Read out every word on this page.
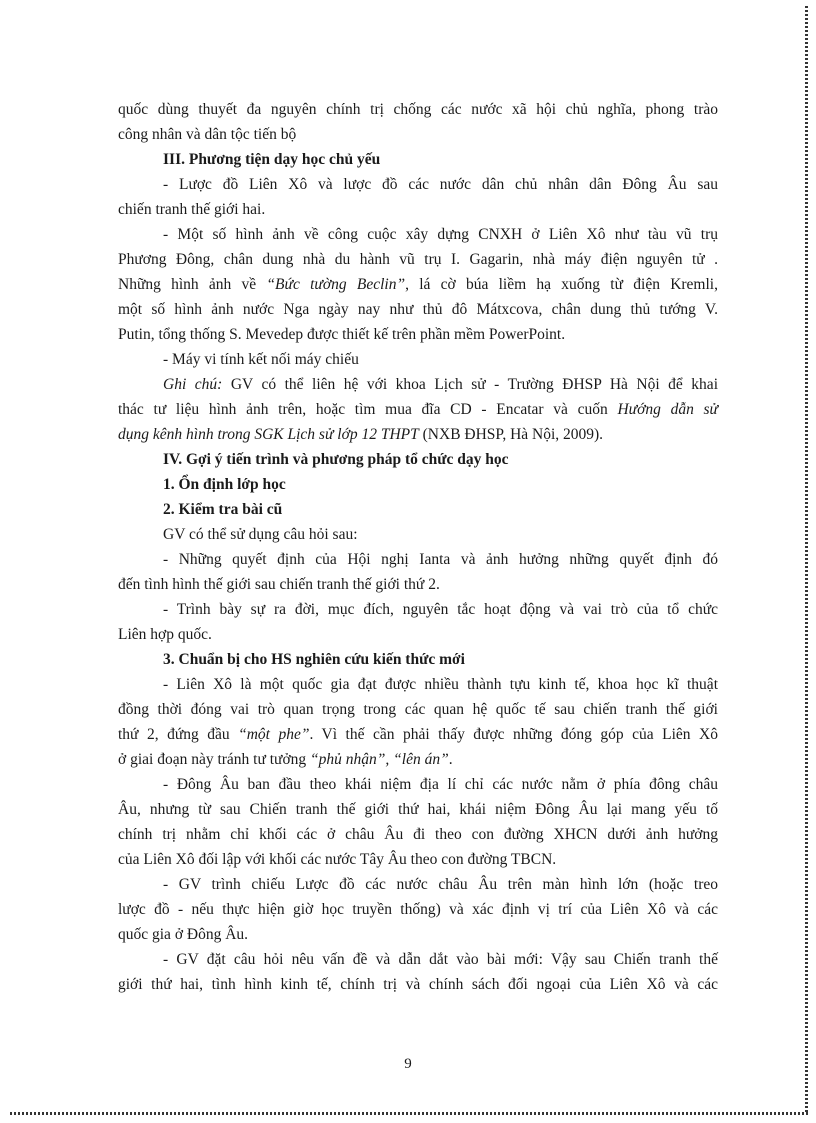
quốc dùng thuyết đa nguyên chính trị chống các nước xã hội chủ nghĩa, phong trào
công nhân và dân tộc tiến bộ
III. Phương tiện dạy học chủ yếu
- Lược đồ Liên Xô và lược đồ các nước dân chủ nhân dân Đông Âu sau
chiến tranh thế giới hai.
- Một số hình ảnh về công cuộc xây dựng CNXH ở Liên Xô như tàu vũ trụ
Phương Đông, chân dung nhà du hành vũ trụ I. Gagarin, nhà máy điện nguyên tử .
Những hình ảnh về “Bức tường Beclin”, lá cờ búa liềm hạ xuống từ điện Kremli,
một số hình ảnh nước Nga ngày nay như thủ đô Mátxcova, chân dung thủ tướng V.
Putin, tổng thống S. Mevedep được thiết kế trên phần mềm PowerPoint.
- Máy vi tính kết nối máy chiếu
Ghi chú: GV có thể liên hệ với khoa Lịch sử - Trường ĐHSP Hà Nội để khai
thác tư liệu hình ảnh trên, hoặc tìm mua đĩa CD - Encatar và cuốn Hướng dẫn sử
dụng kênh hình trong SGK Lịch sử lớp 12 THPT (NXB ĐHSP, Hà Nội, 2009).
IV. Gợi ý tiến trình và phương pháp tổ chức dạy học
1. Ổn định lớp học
2. Kiểm tra bài cũ
GV có thể sử dụng câu hỏi sau:
- Những quyết định của Hội nghị Ianta và ảnh hưởng những quyết định đó
đến tình hình thế giới sau chiến tranh thế giới thứ 2.
- Trình bày sự ra đời, mục đích, nguyên tắc hoạt động và vai trò của tổ chức
Liên hợp quốc.
3. Chuẩn bị cho HS nghiên cứu kiến thức mới
- Liên Xô là một quốc gia đạt được nhiều thành tựu kinh tế, khoa học kĩ thuật
đồng thời đóng vai trò quan trọng trong các quan hệ quốc tế sau chiến tranh thế giới
thứ 2, đứng đầu “một phe”. Vì thế cần phải thấy được những đóng góp của Liên Xô
ở giai đoạn này tránh tư tưởng “phủ nhận”, “lên án”.
- Đông Âu ban đầu theo khái niệm địa lí chỉ các nước nằm ở phía đông châu
Âu, nhưng từ sau Chiến tranh thế giới thứ hai, khái niệm Đông Âu lại mang yếu tố
chính trị nhằm chỉ khối các ở châu Âu đi theo con đường XHCN dưới ảnh hưởng
của Liên Xô đối lập với khối các nước Tây Âu theo con đường TBCN.
- GV trình chiếu Lược đồ các nước châu Âu trên màn hình lớn (hoặc treo
lược đồ - nếu thực hiện giờ học truyền thống) và xác định vị trí của Liên Xô và các
quốc gia ở Đông Âu.
- GV đặt câu hỏi nêu vấn đề và dẫn dắt vào bài mới: Vậy sau Chiến tranh thế
giới thứ hai, tình hình kinh tế, chính trị và chính sách đối ngoại của Liên Xô và các
9
